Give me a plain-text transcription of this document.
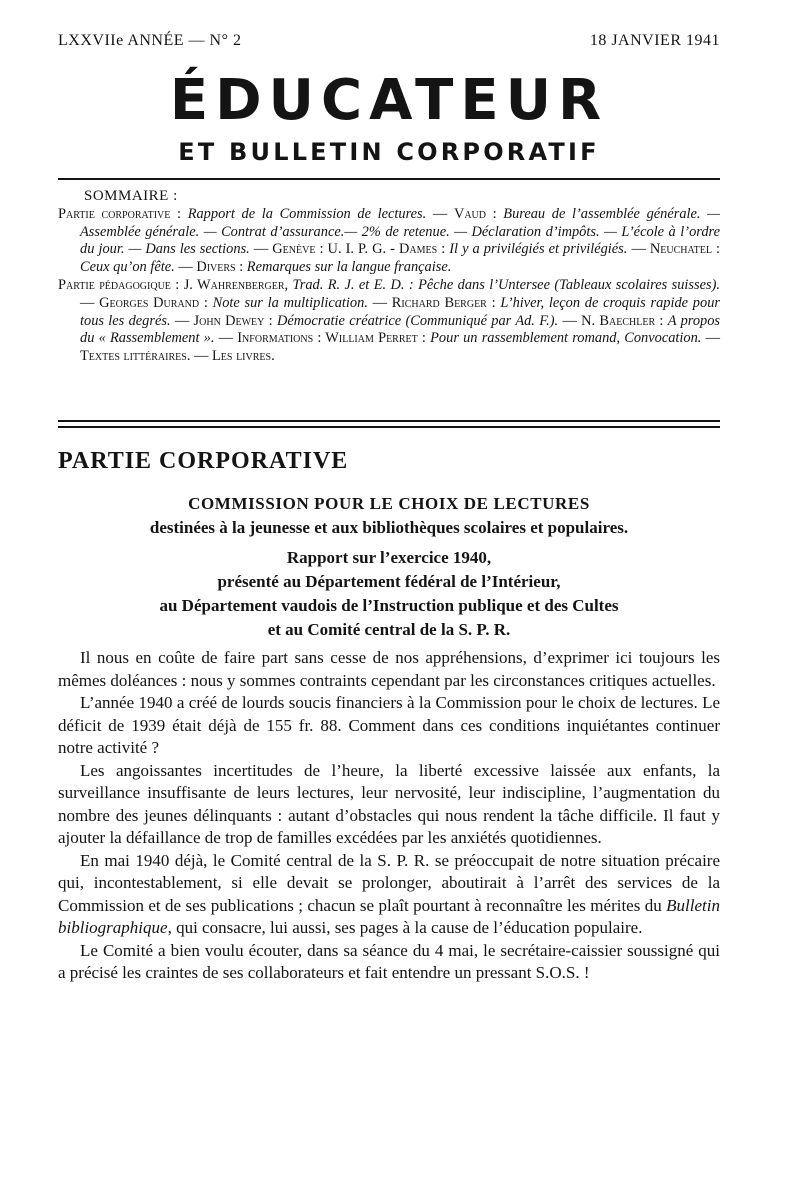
LXXVIIe ANNÉE — N° 2	18 JANVIER 1941
ÉDUCATEUR
ET BULLETIN CORPORATIF
SOMMAIRE :

Partie corporative : Rapport de la Commission de lectures. — Vaud : Bureau de l’assemblée générale. — Assemblée générale. — Contrat d’assurance.— 2% de retenue. — Déclaration d’impôts. — L’école à l’ordre du jour. — Dans les sections. — Genève : U. I. P. G. - Dames : Il y a privilégiés et privilégiés. — Neuchatel : Ceux qu’on fête. — Divers : Remarques sur la langue française.

Partie pédagogique : J. Wahrenberger, Trad. R. J. et E. D. : Pêche dans l’Untersee (Tableaux scolaires suisses). — Georges Durand : Note sur la multiplication. — Richard Berger : L’hiver, leçon de croquis rapide pour tous les degrés. — John Dewey : Démocratie créatrice (Communiqué par Ad. F.). — N. Baechler : A propos du « Rassemblement ». — Informations : William Perret : Pour un rassemblement romand, Convocation. — Textes littéraires. — Les livres.

PARTIE CORPORATIVE
COMMISSION POUR LE CHOIX DE LECTURES
destinées à la jeunesse et aux bibliothèques scolaires et populaires.
Rapport sur l’exercice 1940,
présenté au Département fédéral de l’Intérieur,
au Département vaudois de l’Instruction publique et des Cultes
et au Comité central de la S. P. R.

Il nous en coûte de faire part sans cesse de nos appréhensions, d’exprimer ici toujours les mêmes doléances : nous y sommes contraints cependant par les circonstances critiques actuelles.

L’année 1940 a créé de lourds soucis financiers à la Commission pour le choix de lectures. Le déficit de 1939 était déjà de 155 fr. 88. Comment dans ces conditions inquiétantes continuer notre activité ?

Les angoissantes incertitudes de l’heure, la liberté excessive laissée aux enfants, la surveillance insuffisante de leurs lectures, leur nervosité, leur indiscipline, l’augmentation du nombre des jeunes délinquants : autant d’obstacles qui nous rendent la tâche difficile. Il faut y ajouter la défaillance de trop de familles excédées par les anxiétés quotidiennes.

En mai 1940 déjà, le Comité central de la S. P. R. se préoccupait de notre situation précaire qui, incontestablement, si elle devait se prolonger, aboutirait à l’arrêt des services de la Commission et de ses publications ; chacun se plaît pourtant à reconnaître les mérites du Bulletin bibliographique, qui consacre, lui aussi, ses pages à la cause de l’éducation populaire.

Le Comité a bien voulu écouter, dans sa séance du 4 mai, le secrétaire-caissier soussigné qui a précisé les craintes de ses collaborateurs et fait entendre un pressant S.O.S. !
